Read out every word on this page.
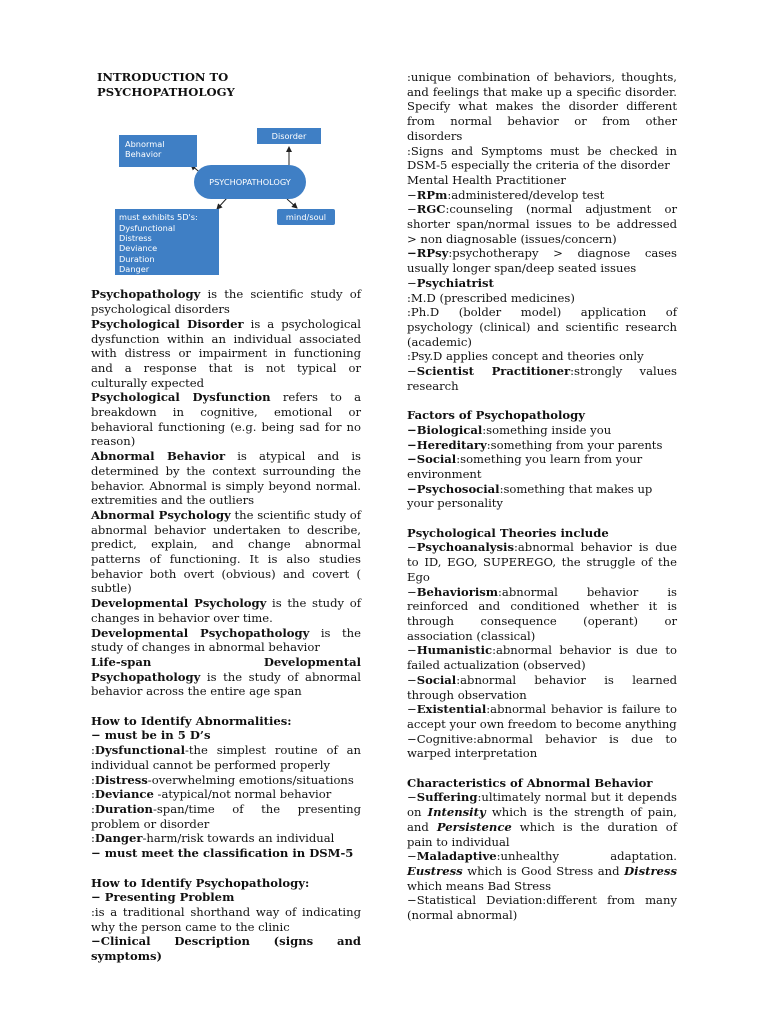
INTRODUCTION TO PSYCHOPATHOLOGY

Abnormal
Behavior
Disorder
PSYCHOPATHOLOGY
mind/soul
must exhibits 5D's:
Dysfunctional
Distress
Deviance
Duration
Danger

Psychopathology is the scientific study of psychological disorders

Psychological Disorder is a psychological dysfunction within an individual associated with distress or impairment in functioning and a response that is not typical or culturally expected

Psychological Dysfunction refers to a breakdown in cognitive, emotional or behavioral functioning (e.g. being sad for no reason)

Abnormal Behavior is atypical and is determined by the context surrounding the behavior. Abnormal is simply beyond normal. extremities and the outliers

Abnormal Psychology the scientific study of abnormal behavior undertaken to describe, predict, explain, and change abnormal patterns of functioning. It is also studies behavior both overt (obvious) and covert ( subtle)

Developmental Psychology is the study of changes in behavior over time.

Developmental Psychopathology is the study of changes in abnormal behavior

Life-span Developmental Psychopathology is the study of abnormal behavior across the entire age span

How to Identify Abnormalities:

− must be in 5 D’s

:Dysfunctional-the simplest routine of an individual cannot be performed properly

:Distress-overwhelming emotions/situations

:Deviance -atypical/not normal behavior

:Duration-span/time of the presenting problem or disorder

:Danger-harm/risk towards an individual

− must meet the classification in DSM-5

How to Identify Psychopathology:

− Presenting Problem

:is a traditional shorthand way of indicating why the person came to the clinic

−Clinical Description (signs and symptoms)

:unique combination of behaviors, thoughts, and feelings that make up a specific disorder. Specify what makes the disorder different from normal behavior or from other disorders

:Signs and Symptoms must be checked in DSM-5 especially the criteria of the disorder

Mental Health Practitioner

−RPm:administered/develop test

−RGC:counseling (normal adjustment or shorter span/normal issues to be addressed > non diagnosable (issues/concern)

−RPsy:psychotherapy > diagnose cases usually longer span/deep seated issues

−Psychiatrist

:M.D (prescribed medicines)

:Ph.D (bolder model) application of psychology (clinical) and scientific research (academic)

:Psy.D applies concept and theories only

−Scientist Practitioner:strongly values research

Factors of Psychopathology

−Biological:something inside you

−Hereditary:something from your parents

−Social:something you learn from your environment

−Psychosocial:something that makes up your personality

Psychological Theories include

−Psychoanalysis:abnormal behavior is due to ID, EGO, SUPEREGO, the struggle of the Ego

−Behaviorism:abnormal behavior is reinforced and conditioned whether it is through consequence (operant) or association (classical)

−Humanistic:abnormal behavior is due to failed actualization (observed)

−Social:abnormal behavior is learned through observation

−Existential:abnormal behavior is failure to accept your own freedom to become anything

−Cognitive:abnormal behavior is due to warped interpretation

Characteristics of Abnormal Behavior

−Suffering:ultimately normal but it depends on Intensity which is the strength of pain, and Persistence which is the duration of pain to individual

−Maladaptive:unhealthy adaptation. Eustress which is Good Stress and Distress which means Bad Stress

−Statistical Deviation:different from many (normal abnormal)
